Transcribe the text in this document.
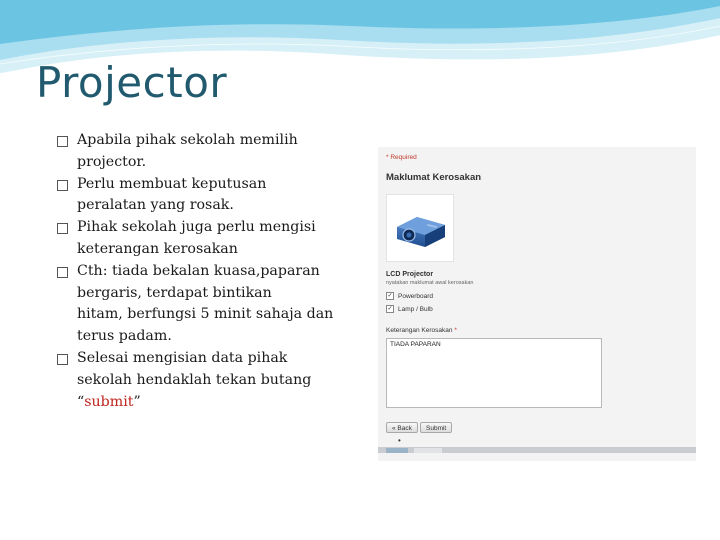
Projector
Apabila pihak sekolah memilih
projector.
Perlu membuat keputusan
peralatan yang rosak.
Pihak sekolah juga perlu mengisi
keterangan kerosakan
Cth: tiada bekalan kuasa,paparan
bergaris, terdapat bintikan
hitam, berfungsi 5 minit sahaja dan
terus padam.
Selesai mengisian data pihak
sekolah hendaklah tekan butang
“submit”
* Required
Maklumat Kerosakan
LCD Projector
nyatakan maklumat awal kerosakan
✓ Powerboard
✓ Lamp / Bulb
Keterangan Kerosakan *
TIADA PAPARAN
« Back	Submit
•
